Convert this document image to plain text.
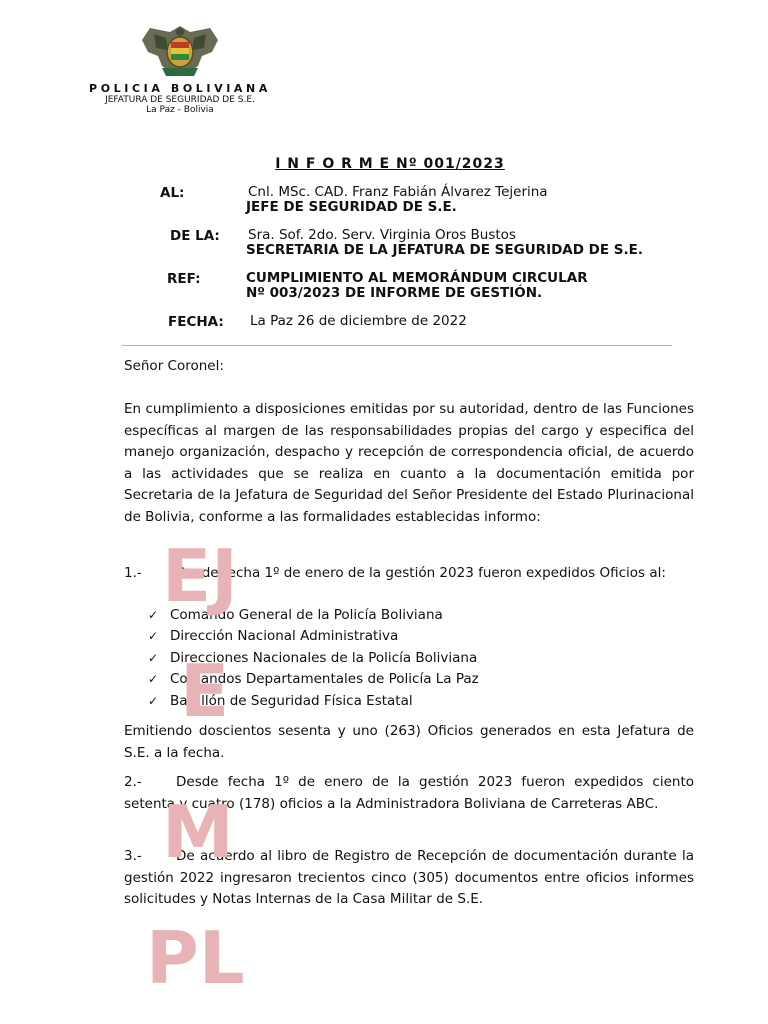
POLICIA BOLIVIANA
JEFATURA DE SEGURIDAD DE S.E.
La Paz - Bolivia
I N F O R M E Nº 001/2023
AL:	Cnl. MSc. CAD. Franz Fabián Álvarez Tejerina
JEFE DE SEGURIDAD DE S.E.
DE LA: Sra. Sof. 2do. Serv. Virginia Oros Bustos
SECRETARIA DE LA JEFATURA DE SEGURIDAD DE S.E.
REF:	CUMPLIMIENTO AL MEMORÁNDUM CIRCULAR
Nº 003/2023 DE INFORME DE GESTIÓN.
FECHA: La Paz 26 de diciembre de 2022

Señor Coronel:

En cumplimiento a disposiciones emitidas por su autoridad, dentro de las Funciones específicas al margen de las responsabilidades propias del cargo y especifica del manejo organización, despacho y recepción de correspondencia oficial, de acuerdo a las actividades que se realiza en cuanto a la documentación emitida por Secretaria de la Jefatura de Seguridad del Señor Presidente del Estado Plurinacional de Bolivia, conforme a las formalidades establecidas informo:

1.-	Desde fecha 1º de enero de la gestión 2023 fueron expedidos Oficios al:

✓ Comando General de la Policía Boliviana
✓ Dirección Nacional Administrativa
✓ Direcciones Nacionales de la Policía Boliviana
✓ Comandos Departamentales de Policía La Paz
✓ Batallón de Seguridad Física Estatal

Emitiendo doscientos sesenta y uno (263) Oficios generados en esta Jefatura de S.E. a la fecha.

2.-	Desde fecha 1º de enero de la gestión 2023 fueron expedidos ciento setenta y cuatro (178) oficios a la Administradora Boliviana de Carreteras ABC.

3.-	De acuerdo al libro de Registro de Recepción de documentación durante la gestión 2022 ingresaron trecientos cinco (305) documentos entre oficios informes solicitudes y Notas Internas de la Casa Militar de S.E.

EJ
E
M
PL
